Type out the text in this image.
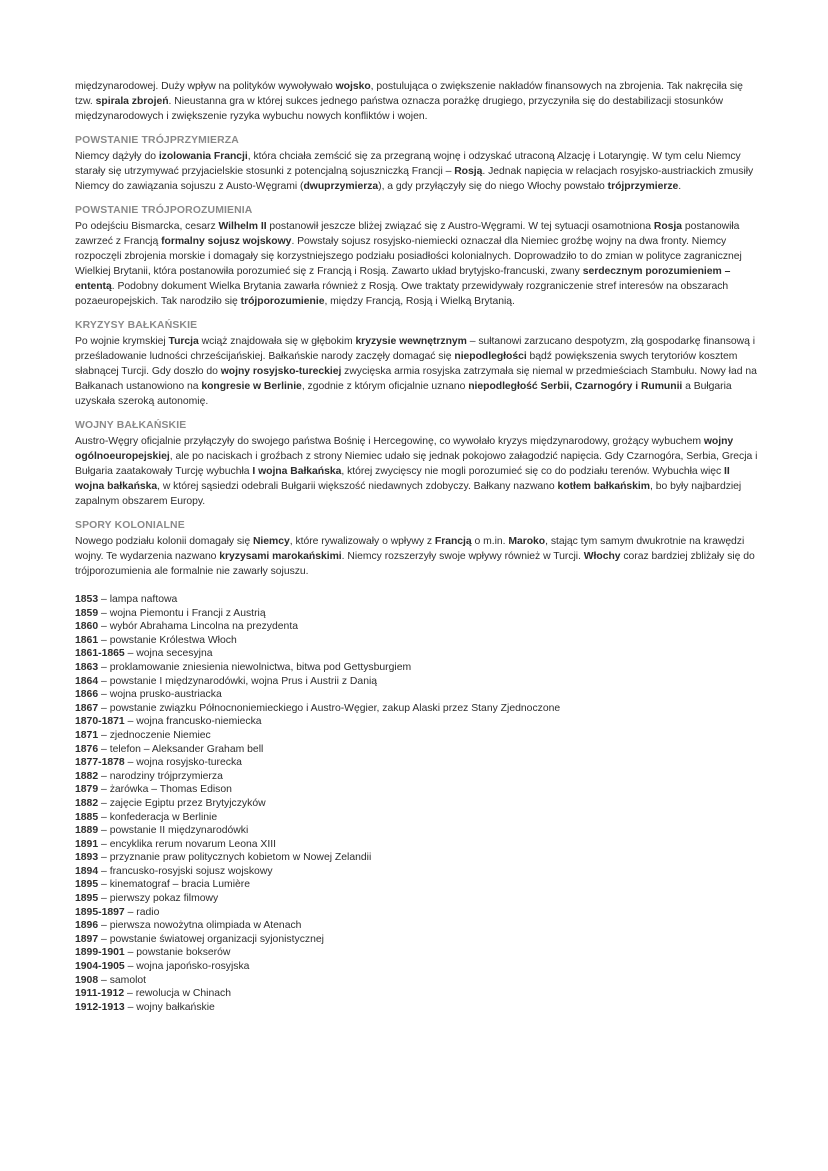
międzynarodowej. Duży wpływ na polityków wywoływało wojsko, postulująca o zwiększenie nakładów finansowych na zbrojenia. Tak nakręciła się tzw. spirala zbrojeń. Nieustanna gra w której sukces jednego państwa oznacza porażkę drugiego, przyczyniła się do destabilizacji stosunków międzynarodowych i zwiększenie ryzyka wybuchu nowych konfliktów i wojen.

POWSTANIE TRÓJPRZYMIERZA

Niemcy dążyły do izolowania Francji, która chciała zemścić się za przegraną wojnę i odzyskać utraconą Alzację i Lotaryngię. W tym celu Niemcy starały się utrzymywać przyjacielskie stosunki z potencjalną sojuszniczką Francji – Rosją. Jednak napięcia w relacjach rosyjsko-austriackich zmusiły Niemcy do zawiązania sojuszu z Austo-Węgrami (dwuprzymierza), a gdy przyłączyły się do niego Włochy powstało trójprzymierze.

POWSTANIE TRÓJPOROZUMIENIA

Po odejściu Bismarcka, cesarz Wilhelm II postanowił jeszcze bliżej związać się z Austro-Węgrami. W tej sytuacji osamotniona Rosja postanowiła zawrzeć z Francją formalny sojusz wojskowy. Powstały sojusz rosyjsko-niemiecki oznaczał dla Niemiec groźbę wojny na dwa fronty. Niemcy rozpoczęli zbrojenia morskie i domagały się korzystniejszego podziału posiadłości kolonialnych. Doprowadziło to do zmian w polityce zagranicznej Wielkiej Brytanii, która postanowiła porozumieć się z Francją i Rosją. Zawarto układ brytyjsko-francuski, zwany serdecznym porozumieniem – ententą. Podobny dokument Wielka Brytania zawarła również z Rosją. Owe traktaty przewidywały rozgraniczenie stref interesów na obszarach pozaeuropejskich. Tak narodziło się trójporozumienie, między Francją, Rosją i Wielką Brytanią.

KRYZYSY BAŁKAŃSKIE

Po wojnie krymskiej Turcja wciąż znajdowała się w głębokim kryzysie wewnętrznym – sułtanowi zarzucano despotyzm, złą gospodarkę finansową i prześladowanie ludności chrześcijańskiej. Bałkańskie narody zaczęły domagać się niepodległości bądź powiększenia swych terytoriów kosztem słabnącej Turcji. Gdy doszło do wojny rosyjsko-tureckiej zwycięska armia rosyjska zatrzymała się niemal w przedmieściach Stambułu. Nowy ład na Bałkanach ustanowiono na kongresie w Berlinie, zgodnie z którym oficjalnie uznano niepodległość Serbii, Czarnogóry i Rumunii a Bułgaria uzyskała szeroką autonomię.

WOJNY BAŁKAŃSKIE

Austro-Węgry oficjalnie przyłączyły do swojego państwa Bośnię i Hercegowinę, co wywołało kryzys międzynarodowy, grożący wybuchem wojny ogólnoeuropejskiej, ale po naciskach i groźbach z strony Niemiec udało się jednak pokojowo załagodzić napięcia. Gdy Czarnogóra, Serbia, Grecja i Bułgaria zaatakowały Turcję wybuchła I wojna Bałkańska, której zwycięscy nie mogli porozumieć się co do podziału terenów. Wybuchła więc II wojna bałkańska, w której sąsiedzi odebrali Bułgarii większość niedawnych zdobyczy. Bałkany nazwano kotłem bałkańskim, bo były najbardziej zapalnym obszarem Europy.

SPORY KOLONIALNE

Nowego podziału kolonii domagały się Niemcy, które rywalizowały o wpływy z Francją o m.in. Maroko, stając tym samym dwukrotnie na krawędzi wojny. Te wydarzenia nazwano kryzysami marokańskimi. Niemcy rozszerzyły swoje wpływy również w Turcji. Włochy coraz bardziej zbliżały się do trójporozumienia ale formalnie nie zawarły sojuszu.

1853 – lampa naftowa
1859 – wojna Piemontu i Francji z Austrią
1860 – wybór Abrahama Lincolna na prezydenta
1861 – powstanie Królestwa Włoch
1861-1865 – wojna secesyjna
1863 – proklamowanie zniesienia niewolnictwa, bitwa pod Gettysburgiem
1864 – powstanie I międzynarodówki, wojna Prus i Austrii z Danią
1866 – wojna prusko-austriacka
1867 – powstanie związku Północnoniemieckiego i Austro-Węgier, zakup Alaski przez Stany Zjednoczone
1870-1871 – wojna francusko-niemiecka
1871 – zjednoczenie Niemiec
1876 – telefon – Aleksander Graham bell
1877-1878 – wojna rosyjsko-turecka
1882 – narodziny trójprzymierza
1879 – żarówka – Thomas Edison
1882 – zajęcie Egiptu przez Brytyjczyków
1885 – konfederacja w Berlinie
1889 – powstanie II międzynarodówki
1891 – encyklika rerum novarum Leona XIII
1893 – przyznanie praw politycznych kobietom w Nowej Zelandii
1894 – francusko-rosyjski sojusz wojskowy
1895 – kinematograf – bracia Lumière
1895 – pierwszy pokaz filmowy
1895-1897 – radio
1896 – pierwsza nowożytna olimpiada w Atenach
1897 – powstanie światowej organizacji syjonistycznej
1899-1901 – powstanie bokserów
1904-1905 – wojna japońsko-rosyjska
1908 – samolot
1911-1912 – rewolucja w Chinach
1912-1913 – wojny bałkańskie
